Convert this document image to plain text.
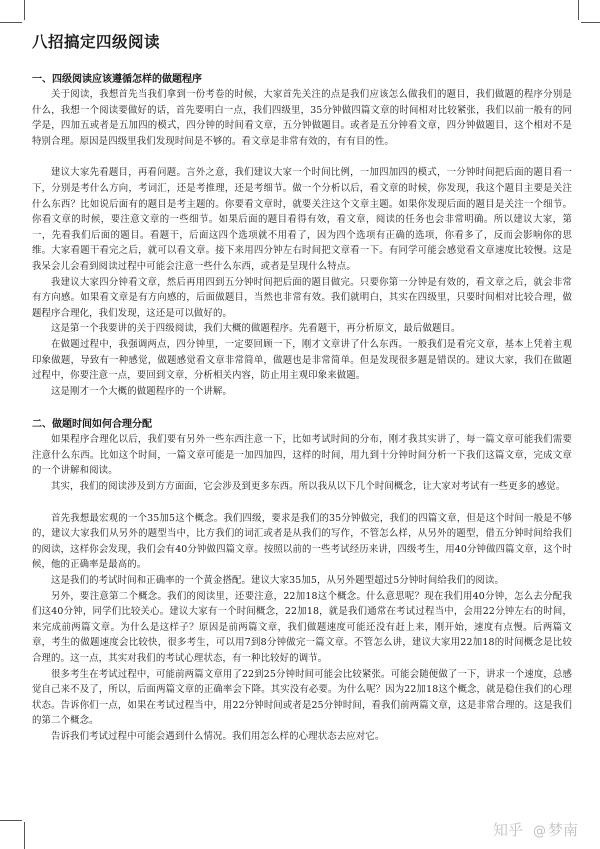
八招搞定四级阅读
一、四级阅读应该遵循怎样的做题程序

关于阅读，我想首先当我们拿到一份考卷的时候，大家首先关注的点是我们应该怎么做我们的题目，我们做题的程序分别是什么，我想一个阅读要做好的话，首先要明白一点，我们四级里，35分钟做四篇文章的时间相对比较紧张，我们以前一般有的同学是，四加五或者是五加四的模式，四分钟的时间看文章，五分钟做题目。或者是五分钟看文章，四分钟做题目，这个相对不是特别合理。原因是四级里我们发现时间是不够的。看文章是非常有效的，有有目的性。

建议大家先看题目，再看问题。言外之意，我们建议大家一个时间比例，一加四加四的模式，一分钟时间把后面的题目看一下，分别是考什么方向，考词汇，还是考推理，还是考细节。做一个分析以后，看文章的时候，你发现，我这个题目主要是关注什么东西？比如说后面有的题目是考主题的。你要看文章时，就要关注这个文章主题。如果你发现后面的题目是关注一个细节。你看文章的时候，要注意文章的一些细节。如果后面的题目看得有效，看文章，阅读的任务也会非常明确。所以建议大家，第一，先看我们后面的题目。看题干，后面这四个选项就不用看了，因为四个选项有正确的选项，你看多了，反而会影响你的思维。大家看题干看完之后，就可以看文章。接下来用四分钟左右时间把文章看一下。有同学可能会感觉看文章速度比较慢。这是我呆会儿会看到阅读过程中可能会注意一些什么东西，或者是呈现什么特点。

我建议大家四分钟看文章，然后再用四到五分钟时间把后面的题目做完。只要你第一分钟是有效的，看文章之后，就会非常有方向感。如果看文章是有方向感的，后面做题目，当然也非常有效。我们就明白，其实在四级里，只要时间相对比较合理，做题程序合理化，我们发现，这还是可以做好的。

这是第一个我要讲的关于四级阅读，我们大概的做题程序。先看题干，再分析原文，最后做题目。

在做题过程中，我强调两点，四分钟里，一定要回顾一下，刚才文章讲了什么东西。一般我们是看完文章，基本上凭着主观印象做题，导致有一种感觉，做题感觉看文章非常简单，做题也是非常简单。但是发现很多题是错误的。建议大家，我们在做题过程中，你要注意一点，要回到文章，分析相关内容，防止用主观印象来做题。

这是刚才一个大概的做题程序的一个讲解。

二、做题时间如何合理分配

如果程序合理化以后，我们要有另外一些东西注意一下，比如考试时间的分布，刚才我其实讲了，每一篇文章可能我们需要注意什么东西。比如这个时间，一篇文章可能是一加四加四，这样的时间，用九到十分钟时间分析一下我们这篇文章，完成文章的一个讲解和阅读。

其实，我们的阅读涉及到方方面面，它会涉及到更多东西。所以我从以下几个时间概念，让大家对考试有一些更多的感觉。

首先我想最宏观的一个35加5这个概念。我们四级，要求是我们的35分钟做完，我们的四篇文章，但是这个时间一般是不够的，建议大家我们从另外的题型当中，比方我们的词汇或者是从我们的写作，不管怎么样，从另外的题型，借五分钟时间给我们的阅读，这样你会发现，我们会有40分钟做四篇文章。按照以前的一些考试经历来讲，四级考生，用40分钟做四篇文章，这个时候，他的正确率是最高的。

这是我们的考试时间和正确率的一个黄金搭配。建议大家35加5，从另外题型超过5分钟时间给我们的阅读。

另外，要注意第二个概念。我们的阅读里，还要注意，22加18这个概念。什么意思呢？现在我们用40分钟，怎么去分配我们这40分钟，同学们比较关心。建议大家有一个时间概念，22加18，就是我们通常在考试过程当中，会用22分钟左右的时间，来完成前两篇文章。为什么是这样子？原因是前两篇文章，我们做题速度可能还没有赶上来，刚开始，速度有点慢。后两篇文章，考生的做题速度会比较快，很多考生，可以用7到8分钟做完一篇文章。不管怎么讲，建议大家用22加18的时间概念是比较合理的。这一点，其实对我们的考试心理状态，有一种比较好的调节。

很多考生在考试过程中，可能前两篇文章用了22到25分钟时间可能会比较紧张。可能会随便做了一下，讲求一个速度，总感觉自己来不及了，所以，后面两篇文章的正确率会下降。其实没有必要。为什么呢？因为22加18这个概念，就是稳住我们的心理状态。告诉你们一点，如果在考试过程当中，用22分钟时间或者是25分钟时间，看我们前两篇文章，这是非常合理的。这是我们的第二个概念。

告诉我们考试过程中可能会遇到什么情况。我们用怎么样的心理状态去应对它。

知乎 @ 梦南
